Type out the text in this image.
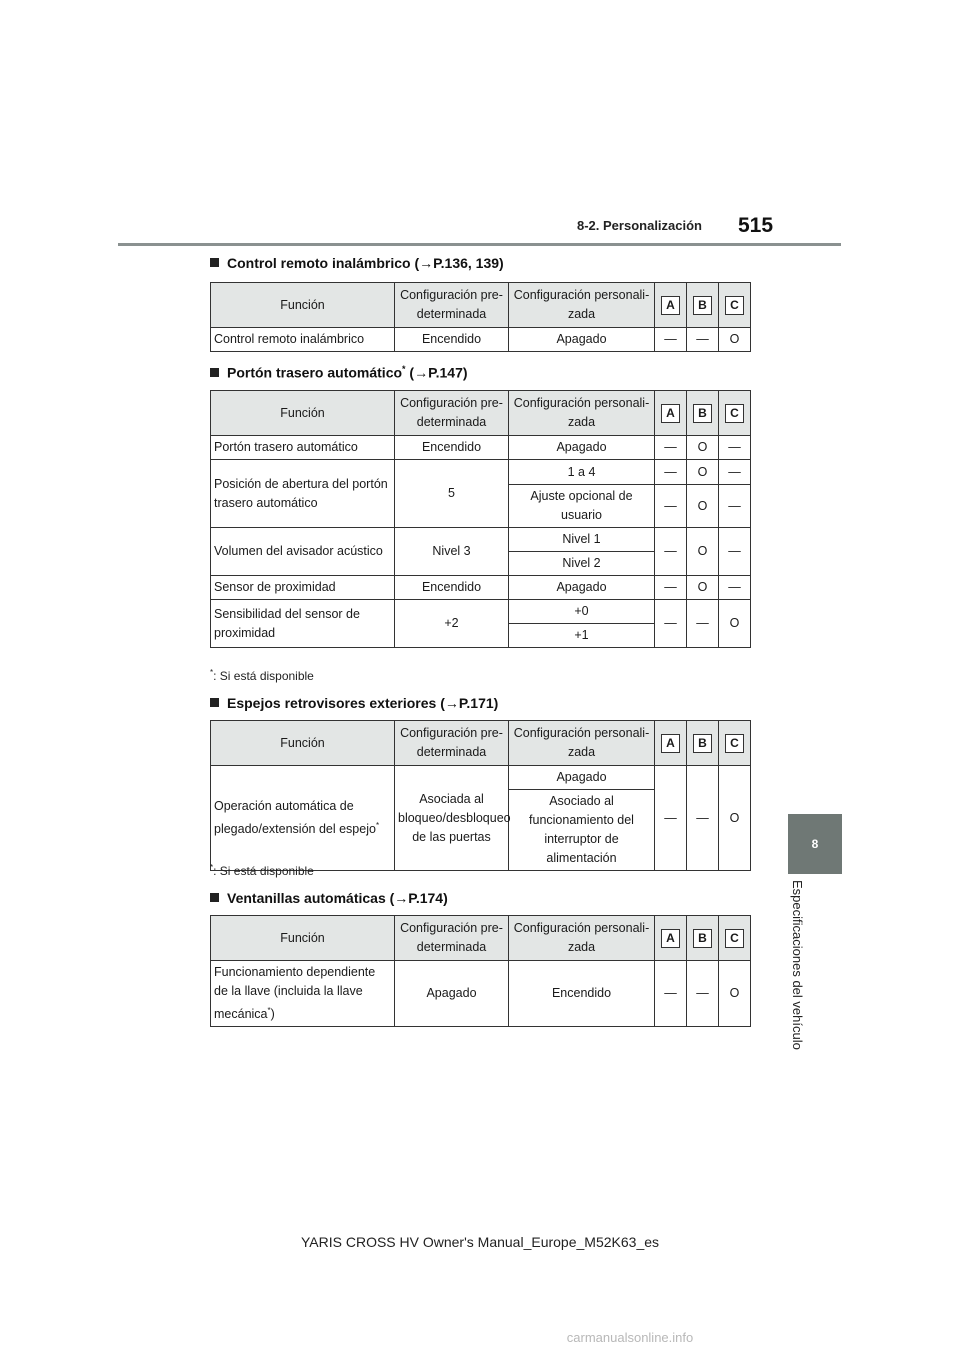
8-2. Personalización 515
8
Especificaciones del vehículo
Control remoto inalámbrico (→P.136, 139)
Función	Configuración pre-determinada	Configuración personali-zada	A	B	C
Control remoto inalámbrico	Encendido	Apagado	—	—	O
Portón trasero automático* (→P.147)
Función	Configuración pre-determinada	Configuración personali-zada	A	B	C
Portón trasero automático	Encendido	Apagado	—	O	—
Posición de abertura del portón trasero automático	5	1 a 4	—	O	—
		Ajuste opcional de usuario	—	O	—
Volumen del avisador acústico	Nivel 3	Nivel 1	—	O	—
		Nivel 2			
Sensor de proximidad	Encendido	Apagado	—	O	—
Sensibilidad del sensor de proximidad	+2	+0	—	—	O
		+1			
*: Si está disponible
Espejos retrovisores exteriores (→P.171)
Función	Configuración pre-determinada	Configuración personali-zada	A	B	C
Operación automática de plegado/extensión del espejo*	Asociada al bloqueo/desbloqueo de las puertas	Apagado	—	—	O
		Asociado al funcionamiento del interruptor de alimentación			
*: Si está disponible
Ventanillas automáticas (→P.174)
Función	Configuración pre-determinada	Configuración personali-zada	A	B	C
Funcionamiento dependiente de la llave (incluida la llave mecánica*)	Apagado	Encendido	—	—	O
YARIS CROSS HV Owner's Manual_Europe_M52K63_es
carmanualsonline.info
